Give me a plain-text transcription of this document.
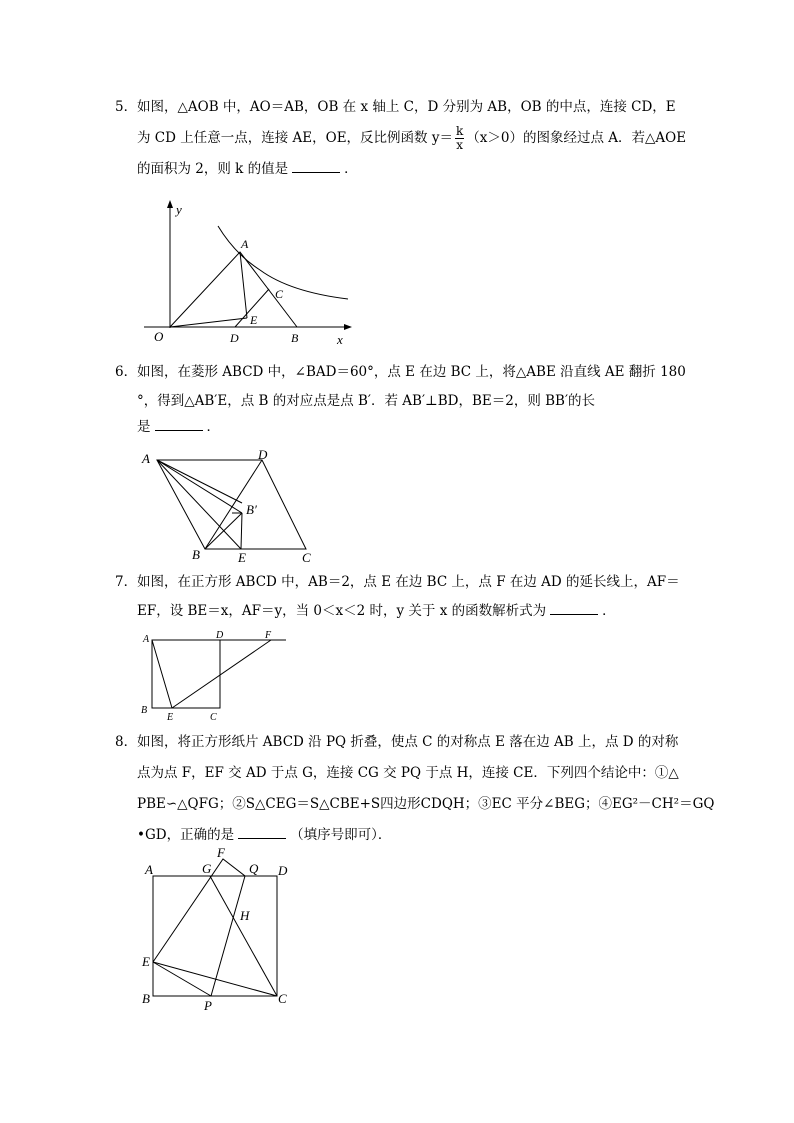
5． 如图，△AOB 中，AO＝AB，OB 在 x 轴上 C，D 分别为 AB，OB 的中点，连接 CD，E
为 CD 上任意一点，连接 AE，OE，反比例函数 $y= \frac{k}{x} (x>0)$的图象经过点 A．若△AOE
的面积为 2，则 k 的值是	．
y
x
O
A
B
C
D
E
6． 如图，在菱形 ABCD 中，∠BAD＝60°，点 E 在边 BC 上，将△ABE 沿直线 AE 翻折 180
°，得到△AB′E，点 B 的对应点是点 B′．若 AB′⊥BD，BE＝2，则 BB′的长
是	．
A
B	C
D
E
B′
7． 如图，在正方形 ABCD 中，AB＝2，点 E 在边 BC 上，点 F 在边 AD 的延长线上，AF＝
EF，设 BE＝x，AF＝y，当 0＜x＜2 时，y 关于 x 的函数解析式为	．
A
B
C
D
E
F
8． 如图，将正方形纸片 ABCD 沿 PQ 折叠，使点 C 的对称点 E 落在边 AB 上，点 D 的对称
点为点 F，EF 交 AD 于点 G，连接 CG 交 PQ 于点 H，连接 CE．下列四个结论中：①△
PBE∽△QFG；②S△CEG＝S△CBE+S四边形CDQH；③EC 平分∠BEG；④EG²－CH²＝GQ
•GD，正确的是	（填序号即可）．
A
B	C
D
E
F
G
H
P
Q
